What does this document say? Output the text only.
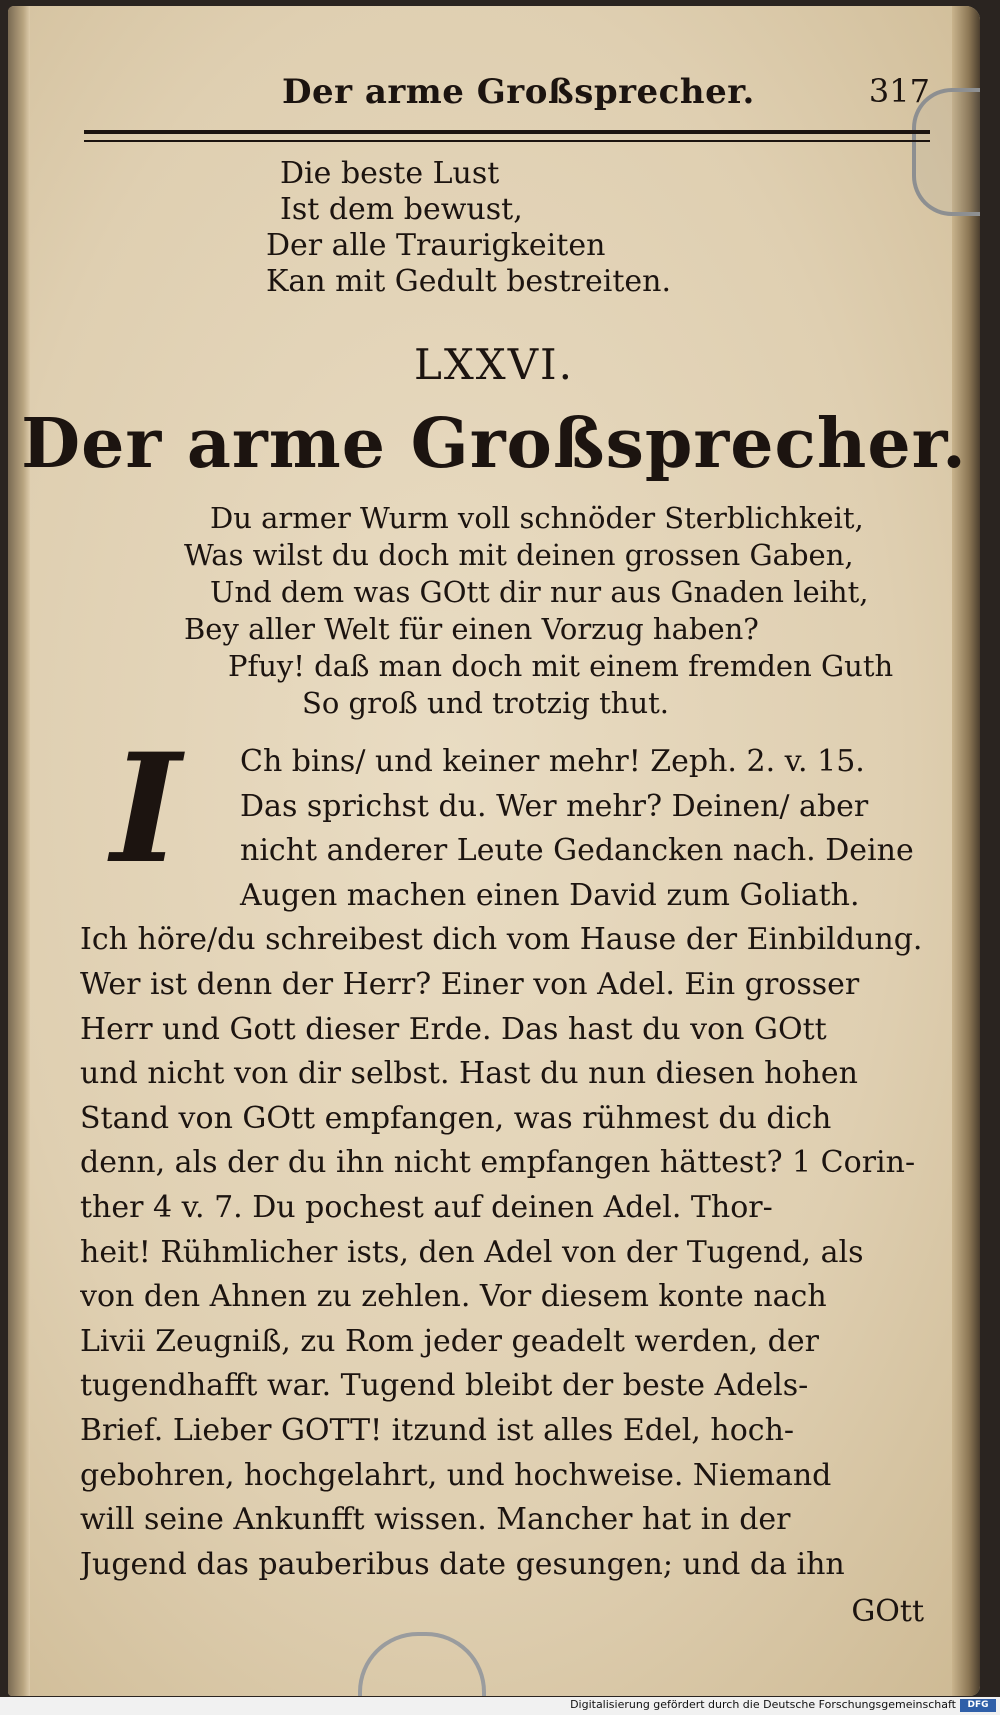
Der arme Großsprecher.	317
Die beste Lust
Ist dem bewust,
Der alle Traurigkeiten
Kan mit Gedult bestreiten.
LXXVI.
Der arme Großsprecher.
Du armer Wurm voll schnöder Sterblichkeit,
Was wilst du doch mit deinen grossen Gaben,
Und dem was GOtt dir nur aus Gnaden leiht,
Bey aller Welt für einen Vorzug haben?
Pfuy! daß man doch mit einem fremden Guth
So groß und trotzig thut.
I	Ch bins/ und keiner mehr! Zeph. 2. v. 15.
Das sprichst du. Wer mehr? Deinen/ aber
nicht anderer Leute Gedancken nach. Deine
Augen machen einen David zum Goliath.
Ich höre/du schreibest dich vom Hause der Einbildung.
Wer ist denn der Herr? Einer von Adel. Ein grosser
Herr und Gott dieser Erde. Das hast du von GOtt
und nicht von dir selbst. Hast du nun diesen hohen
Stand von GOtt empfangen, was rühmest du dich
denn, als der du ihn nicht empfangen hättest? 1 Corin-
ther 4 v. 7. Du pochest auf deinen Adel. Thor-
heit! Rühmlicher ists, den Adel von der Tugend, als
von den Ahnen zu zehlen. Vor diesem konte nach
Livii Zeugniß, zu Rom jeder geadelt werden, der
tugendhafft war. Tugend bleibt der beste Adels-
Brief. Lieber GOTT! itzund ist alles Edel, hoch-
gebohren, hochgelahrt, und hochweise. Niemand
will seine Ankunfft wissen. Mancher hat in der
Jugend das pauberibus date gesungen; und da ihn
GOtt
Digitalisierung gefördert durch die Deutsche Forschungsgemeinschaft	DFG
